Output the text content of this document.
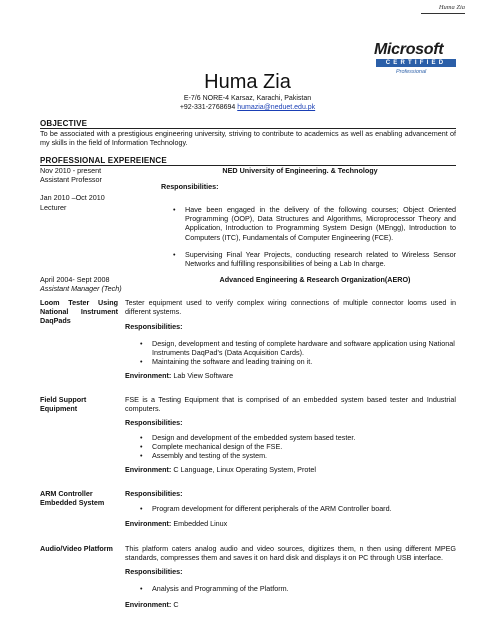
Huma Zia
Microsoft
CERTIFIED
Professional
Huma Zia
E-7/6 NORE-4 Karsaz, Karachi, Pakistan
+92-331-2768694 humazia@neduet.edu.pk
OBJECTIVE
To be associated with a prestigious engineering university, striving to contribute to academics as well as enabling advancement of my skills in the field of Information Technology.
PROFESSIONAL EXPEREIENCE
Nov 2010 - present
Assistant Professor
Jan 2010 –Oct 2010
Lecturer
NED University of Engineering. & Technology
Responsibilities:
• Have been engaged in the delivery of the following courses; Object Oriented Programming (OOP), Data Structures and Algorithms, Microprocessor Theory and Application, Introduction to Programming System Design (MEngg), Introduction to Computers (ITC), Fundamentals of Computer Engineering (FCE).
• Supervising Final Year Projects, conducting research related to Wireless Sensor Networks and fulfilling responsibilities of being a Lab In charge.
April 2004- Sept 2008
Assistant Manager (Tech)
Advanced Engineering & Research Organization(AERO)
Loom Tester Using National Instrument DaqPads
Tester equipment used to verify complex wiring connections of multiple connector looms used in different systems.
Responsibilities:
• Design, development and testing of complete hardware and software application using National Instruments DaqPad's (Data Acquisition Cards).
• Maintaining the software and leading training on it.
Environment: Lab View Software
Field Support Equipment
FSE is a Testing Equipment that is comprised of an embedded system based tester and Industrial computers.
Responsibilities:
• Design and development of the embedded system based tester.
• Complete mechanical design of the FSE.
• Assembly and testing of the system.
Environment: C Language, Linux Operating System, Protel
ARM Controller Embedded System
Responsibilities:
• Program development for different peripherals of the ARM Controller board.
Environment: Embedded Linux
Audio/Video Platform	This platform caters analog audio and video sources, digitizes them, n then using different MPEG standards, compresses them and saves it on hard disk and displays it on PC through USB interface.
Responsibilities:
• Analysis and Programming of the Platform.
Environment: C
